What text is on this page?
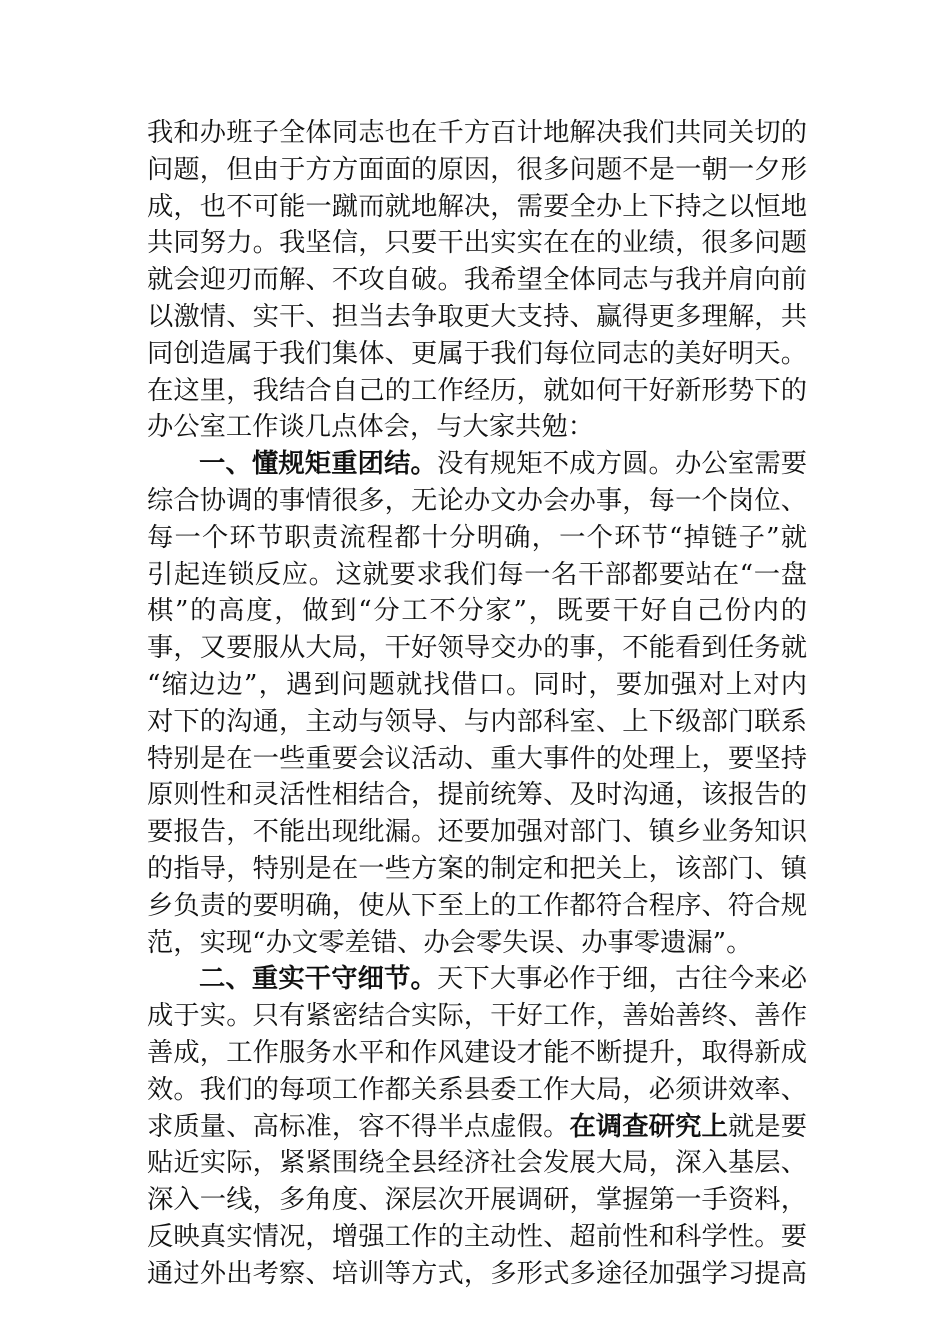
我和办班子全体同志也在千方百计地解决我们共同关切的
问题，但由于方方面面的原因，很多问题不是一朝一夕形
成，也不可能一蹴而就地解决，需要全办上下持之以恒地
共同努力。我坚信，只要干出实实在在的业绩，很多问题
就会迎刃而解、不攻自破。我希望全体同志与我并肩向前
以激情、实干、担当去争取更大支持、赢得更多理解，共
同创造属于我们集体、更属于我们每位同志的美好明天。
在这里，我结合自己的工作经历，就如何干好新形势下的
办公室工作谈几点体会，与大家共勉：
一、懂规矩重团结。没有规矩不成方圆。办公室需要
综合协调的事情很多，无论办文办会办事，每一个岗位、
每一个环节职责流程都十分明确，一个环节“掉链子”就
引起连锁反应。这就要求我们每一名干部都要站在“一盘
棋”的高度，做到“分工不分家”，既要干好自己份内的
事，又要服从大局，干好领导交办的事，不能看到任务就
“缩边边”，遇到问题就找借口。同时，要加强对上对内
对下的沟通，主动与领导、与内部科室、上下级部门联系
特别是在一些重要会议活动、重大事件的处理上，要坚持
原则性和灵活性相结合，提前统筹、及时沟通，该报告的
要报告，不能出现纰漏。还要加强对部门、镇乡业务知识
的指导，特别是在一些方案的制定和把关上，该部门、镇
乡负责的要明确，使从下至上的工作都符合程序、符合规
范，实现“办文零差错、办会零失误、办事零遗漏”。
二、重实干守细节。天下大事必作于细，古往今来必
成于实。只有紧密结合实际，干好工作，善始善终、善作
善成，工作服务水平和作风建设才能不断提升，取得新成
效。我们的每项工作都关系县委工作大局，必须讲效率、
求质量、高标准，容不得半点虚假。在调查研究上就是要
贴近实际，紧紧围绕全县经济社会发展大局，深入基层、
深入一线，多角度、深层次开展调研，掌握第一手资料，
反映真实情况，增强工作的主动性、超前性和科学性。要
通过外出考察、培训等方式，多形式多途径加强学习提高
